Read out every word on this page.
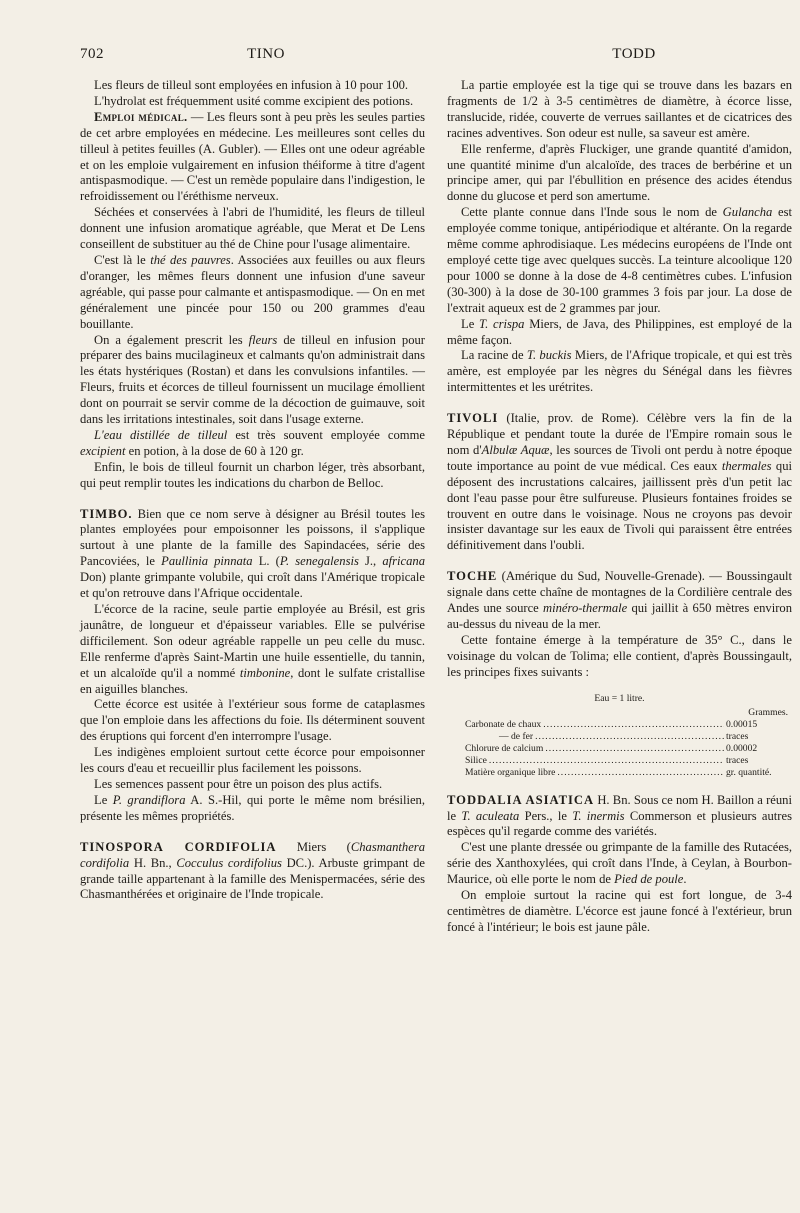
702	TINO	TODD

Les fleurs de tilleul sont employées en infusion à 10 pour 100.

L'hydrolat est fréquemment usité comme excipient des potions.

Emploi médical. — Les fleurs sont à peu près les seules parties de cet arbre employées en médecine. Les meilleures sont celles du tilleul à petites feuilles (A. Gubler). — Elles ont une odeur agréable et on les emploie vulgairement en infusion théiforme à titre d'agent antispasmodique. — C'est un remède populaire dans l'indigestion, le refroidissement ou l'éréthisme nerveux.

Séchées et conservées à l'abri de l'humidité, les fleurs de tilleul donnent une infusion aromatique agréable, que Merat et De Lens conseillent de substituer au thé de Chine pour l'usage alimentaire.

C'est là le thé des pauvres. Associées aux feuilles ou aux fleurs d'oranger, les mêmes fleurs donnent une infusion d'une saveur agréable, qui passe pour calmante et antispasmodique. — On en met généralement une pincée pour 150 ou 200 grammes d'eau bouillante.

On a également prescrit les fleurs de tilleul en infusion pour préparer des bains mucilagineux et calmants qu'on administrait dans les états hystériques (Rostan) et dans les convulsions infantiles. — Fleurs, fruits et écorces de tilleul fournissent un mucilage émollient dont on pourrait se servir comme de la décoction de guimauve, soit dans les irritations intestinales, soit dans l'usage externe.

L'eau distillée de tilleul est très souvent employée comme excipient en potion, à la dose de 60 à 120 gr.

Enfin, le bois de tilleul fournit un charbon léger, très absorbant, qui peut remplir toutes les indications du charbon de Belloc.

TIMBO. Bien que ce nom serve à désigner au Brésil toutes les plantes employées pour empoisonner les poissons, il s'applique surtout à une plante de la famille des Sapindacées, série des Pancoviées, le Paullinia pinnata L. (P. senegalensis J., africana Don) plante grimpante volubile, qui croît dans l'Amérique tropicale et qu'on retrouve dans l'Afrique occidentale.

L'écorce de la racine, seule partie employée au Brésil, est gris jaunâtre, de longueur et d'épaisseur variables. Elle se pulvérise difficilement. Son odeur agréable rappelle un peu celle du musc. Elle renferme d'après Saint-Martin une huile essentielle, du tannin, et un alcaloïde qu'il a nommé timbonine, dont le sulfate cristallise en aiguilles blanches.

Cette écorce est usitée à l'extérieur sous forme de cataplasmes que l'on emploie dans les affections du foie. Ils déterminent souvent des éruptions qui forcent d'en interrompre l'usage.

Les indigènes emploient surtout cette écorce pour empoisonner les cours d'eau et recueillir plus facilement les poissons.

Les semences passent pour être un poison des plus actifs.

Le P. grandiflora A. S.-Hil, qui porte le même nom brésilien, présente les mêmes propriétés.

TINOSPORA CORDIFOLIA Miers (Chasmanthera cordifolia H. Bn., Cocculus cordifolius DC.). Arbuste grimpant de grande taille appartenant à la famille des Menispermacées, série des Chasmanthérées et originaire de l'Inde tropicale.

La partie employée est la tige qui se trouve dans les bazars en fragments de 1/2 à 3-5 centimètres de diamètre, à écorce lisse, translucide, ridée, couverte de verrues saillantes et de cicatrices des racines adventives. Son odeur est nulle, sa saveur est amère.

Elle renferme, d'après Fluckiger, une grande quantité d'amidon, une quantité minime d'un alcaloïde, des traces de berbérine et un principe amer, qui par l'ébullition en présence des acides étendus donne du glucose et perd son amertume.

Cette plante connue dans l'Inde sous le nom de Gulancha est employée comme tonique, antipériodique et altérante. On la regarde même comme aphrodisiaque. Les médecins européens de l'Inde ont employé cette tige avec quelques succès. La teinture alcoolique 120 pour 1000 se donne à la dose de 4-8 centimètres cubes. L'infusion (30-300) à la dose de 30-100 grammes 3 fois par jour. La dose de l'extrait aqueux est de 2 grammes par jour.

Le T. crispa Miers, de Java, des Philippines, est employé de la même façon.

La racine de T. buckis Miers, de l'Afrique tropicale, et qui est très amère, est employée par les nègres du Sénégal dans les fièvres intermittentes et les urétrites.

TIVOLI (Italie, prov. de Rome). Célèbre vers la fin de la République et pendant toute la durée de l'Empire romain sous le nom d'Albulæ Aquæ, les sources de Tivoli ont perdu à notre époque toute importance au point de vue médical. Ces eaux thermales qui déposent des incrustations calcaires, jaillissent près d'un petit lac dont l'eau passe pour être sulfureuse. Plusieurs fontaines froides se trouvent en outre dans le voisinage. Nous ne croyons pas devoir insister davantage sur les eaux de Tivoli qui paraissent être entrées définitivement dans l'oubli.

TOCHE (Amérique du Sud, Nouvelle-Grenade). — Boussingault signale dans cette chaîne de montagnes de la Cordilière centrale des Andes une source minéro-thermale qui jaillit à 650 mètres environ au-dessus du niveau de la mer.

Cette fontaine émerge à la température de 35° C., dans le voisinage du volcan de Tolima; elle contient, d'après Boussingault, les principes fixes suivants :

Eau = 1 litre.
Grammes.
Carbonate de chaux .....	0.00015
— de fer .....	traces
Chlorure de calcium .....	0.00002
Silice .....	traces
Matière organique libre .....	gr. quantité.

TODDALIA ASIATICA H. Bn. Sous ce nom H. Baillon a réuni le T. aculeata Pers., le T. inermis Commerson et plusieurs autres espèces qu'il regarde comme des variétés.

C'est une plante dressée ou grimpante de la famille des Rutacées, série des Xanthoxylées, qui croît dans l'Inde, à Ceylan, à Bourbon-Maurice, où elle porte le nom de Pied de poule.

On emploie surtout la racine qui est fort longue, de 3-4 centimètres de diamètre. L'écorce est jaune foncé à l'extérieur, brun foncé à l'intérieur; le bois est jaune pâle.
